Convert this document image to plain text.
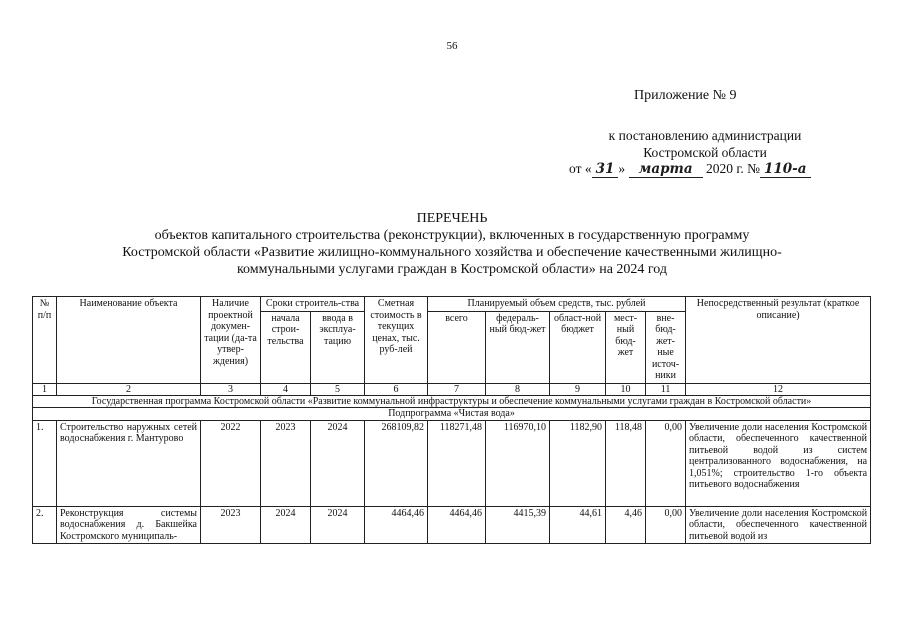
56
Приложение № 9
к постановлению администрации
Костромской области
от « 31 » марта 2020 г. № 110-а
ПЕРЕЧЕНЬ
объектов капитального строительства (реконструкции), включенных в государственную программу
Костромской области «Развитие жилищно-коммунального хозяйства и обеспечение качественными жилищно-
коммунальными услугами граждан в Костромской области» на 2024 год
№ п/п	Наименование объекта	Наличие проектной докумен-тации (да-та утвер-ждения)	Сроки строитель-ства		Сметная стоимость в текущих ценах, тыс. руб-лей	Планируемый объем средств, тыс. рублей					Непосредственный результат (краткое описание)
			начала строи-тельства	ввода в эксплуа-тацию		всего	федераль-ный бюд-жет	област-ной бюджет	мест-ный бюд-жет	вне-бюд-жет-ные источ-ники	
1	2	3	4	5	6	7	8	9	10	11	12
Государственная программа Костромской области «Развитие коммунальной инфраструктуры и обеспечение коммунальными услугами граждан в Костромской области»											
Подпрограмма «Чистая вода»											
1.	Строительство наружных сетей водоснабжения г. Мантурово	2022	2023	2024	268109,82	118271,48	116970,10	1182,90	118,48	0,00	Увеличение доли населения Костромской области, обеспеченного качественной питьевой водой из систем централизованного водоснабжения, на 1,051%; строительство 1-го объекта питьевого водоснабжения
2.	Реконструкция системы водоснабжения д. Бакшейка Костромского муниципаль-	2023	2024	2024	4464,46	4464,46	4415,39	44,61	4,46	0,00	Увеличение доли населения Костромской области, обеспеченного качественной питьевой водой из
